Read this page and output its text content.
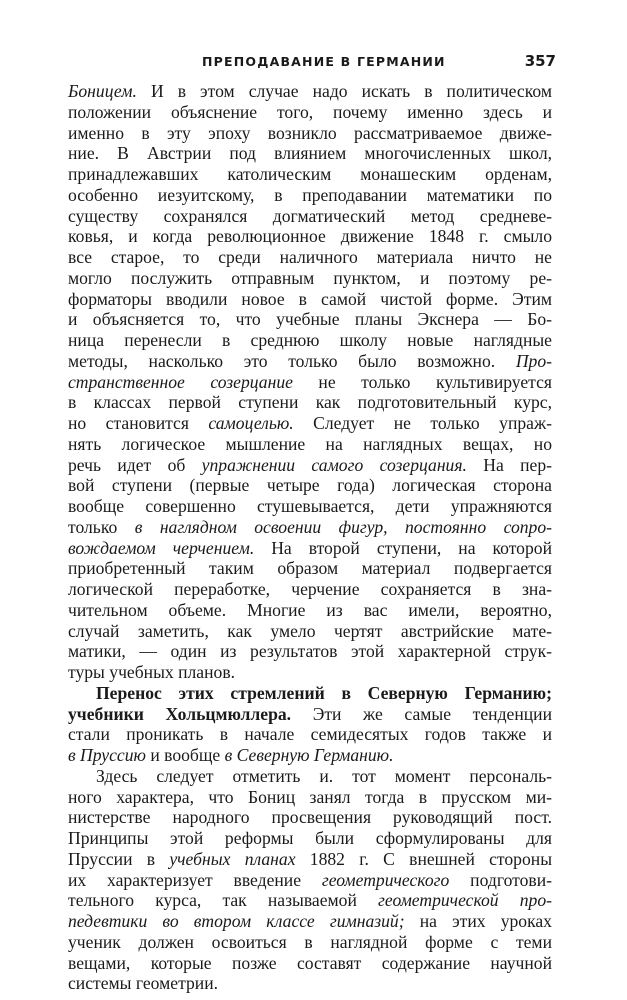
ПРЕПОДАВАНИЕ В ГЕРМАНИИ	357
Боницем. И в этом случае надо искать в политическом
положении объяснение того, почему именно здесь и
именно в эту эпоху возникло рассматриваемое движе-
ние. В Австрии под влиянием многочисленных школ,
принадлежавших католическим монашеским орденам,
особенно иезуитскому, в преподавании математики по
существу сохранялся догматический метод средневе-
ковья, и когда революционное движение 1848 г. смыло
все старое, то среди наличного материала ничто не
могло послужить отправным пунктом, и поэтому ре-
форматоры вводили новое в самой чистой форме. Этим
и объясняется то, что учебные планы Экснера — Бо-
ница перенесли в среднюю школу новые наглядные
методы, насколько это только было возможно. Про-
странственное созерцание не только культивируется
в классах первой ступени как подготовительный курс,
но становится самоцелью. Следует не только упраж-
нять логическое мышление на наглядных вещах, но
речь идет об упражнении самого созерцания. На пер-
вой ступени (первые четыре года) логическая сторона
вообще совершенно стушевывается, дети упражняются
только в наглядном освоении фигур, постоянно сопро-
вождаемом черчением. На второй ступени, на которой
приобретенный таким образом материал подвергается
логической переработке, черчение сохраняется в зна-
чительном объеме. Многие из вас имели, вероятно,
случай заметить, как умело чертят австрийские мате-
матики, — один из результатов этой характерной струк-
туры учебных планов.
Перенос этих стремлений в Северную Германию;
учебники Хольцмюллера. Эти же самые тенденции
стали проникать в начале семидесятых годов также и
в Пруссию и вообще в Северную Германию.
Здесь следует отметить и. тот момент персональ-
ного характера, что Бониц занял тогда в прусском ми-
нистерстве народного просвещения руководящий пост.
Принципы этой реформы были сформулированы для
Пруссии в учебных планах 1882 г. С внешней стороны
их характеризует введение геометрического подготови-
тельного курса, так называемой геометрической про-
педевтики во втором классе гимназий; на этих уроках
ученик должен освоиться в наглядной форме с теми
вещами, которые позже составят содержание научной
системы геометрии.
